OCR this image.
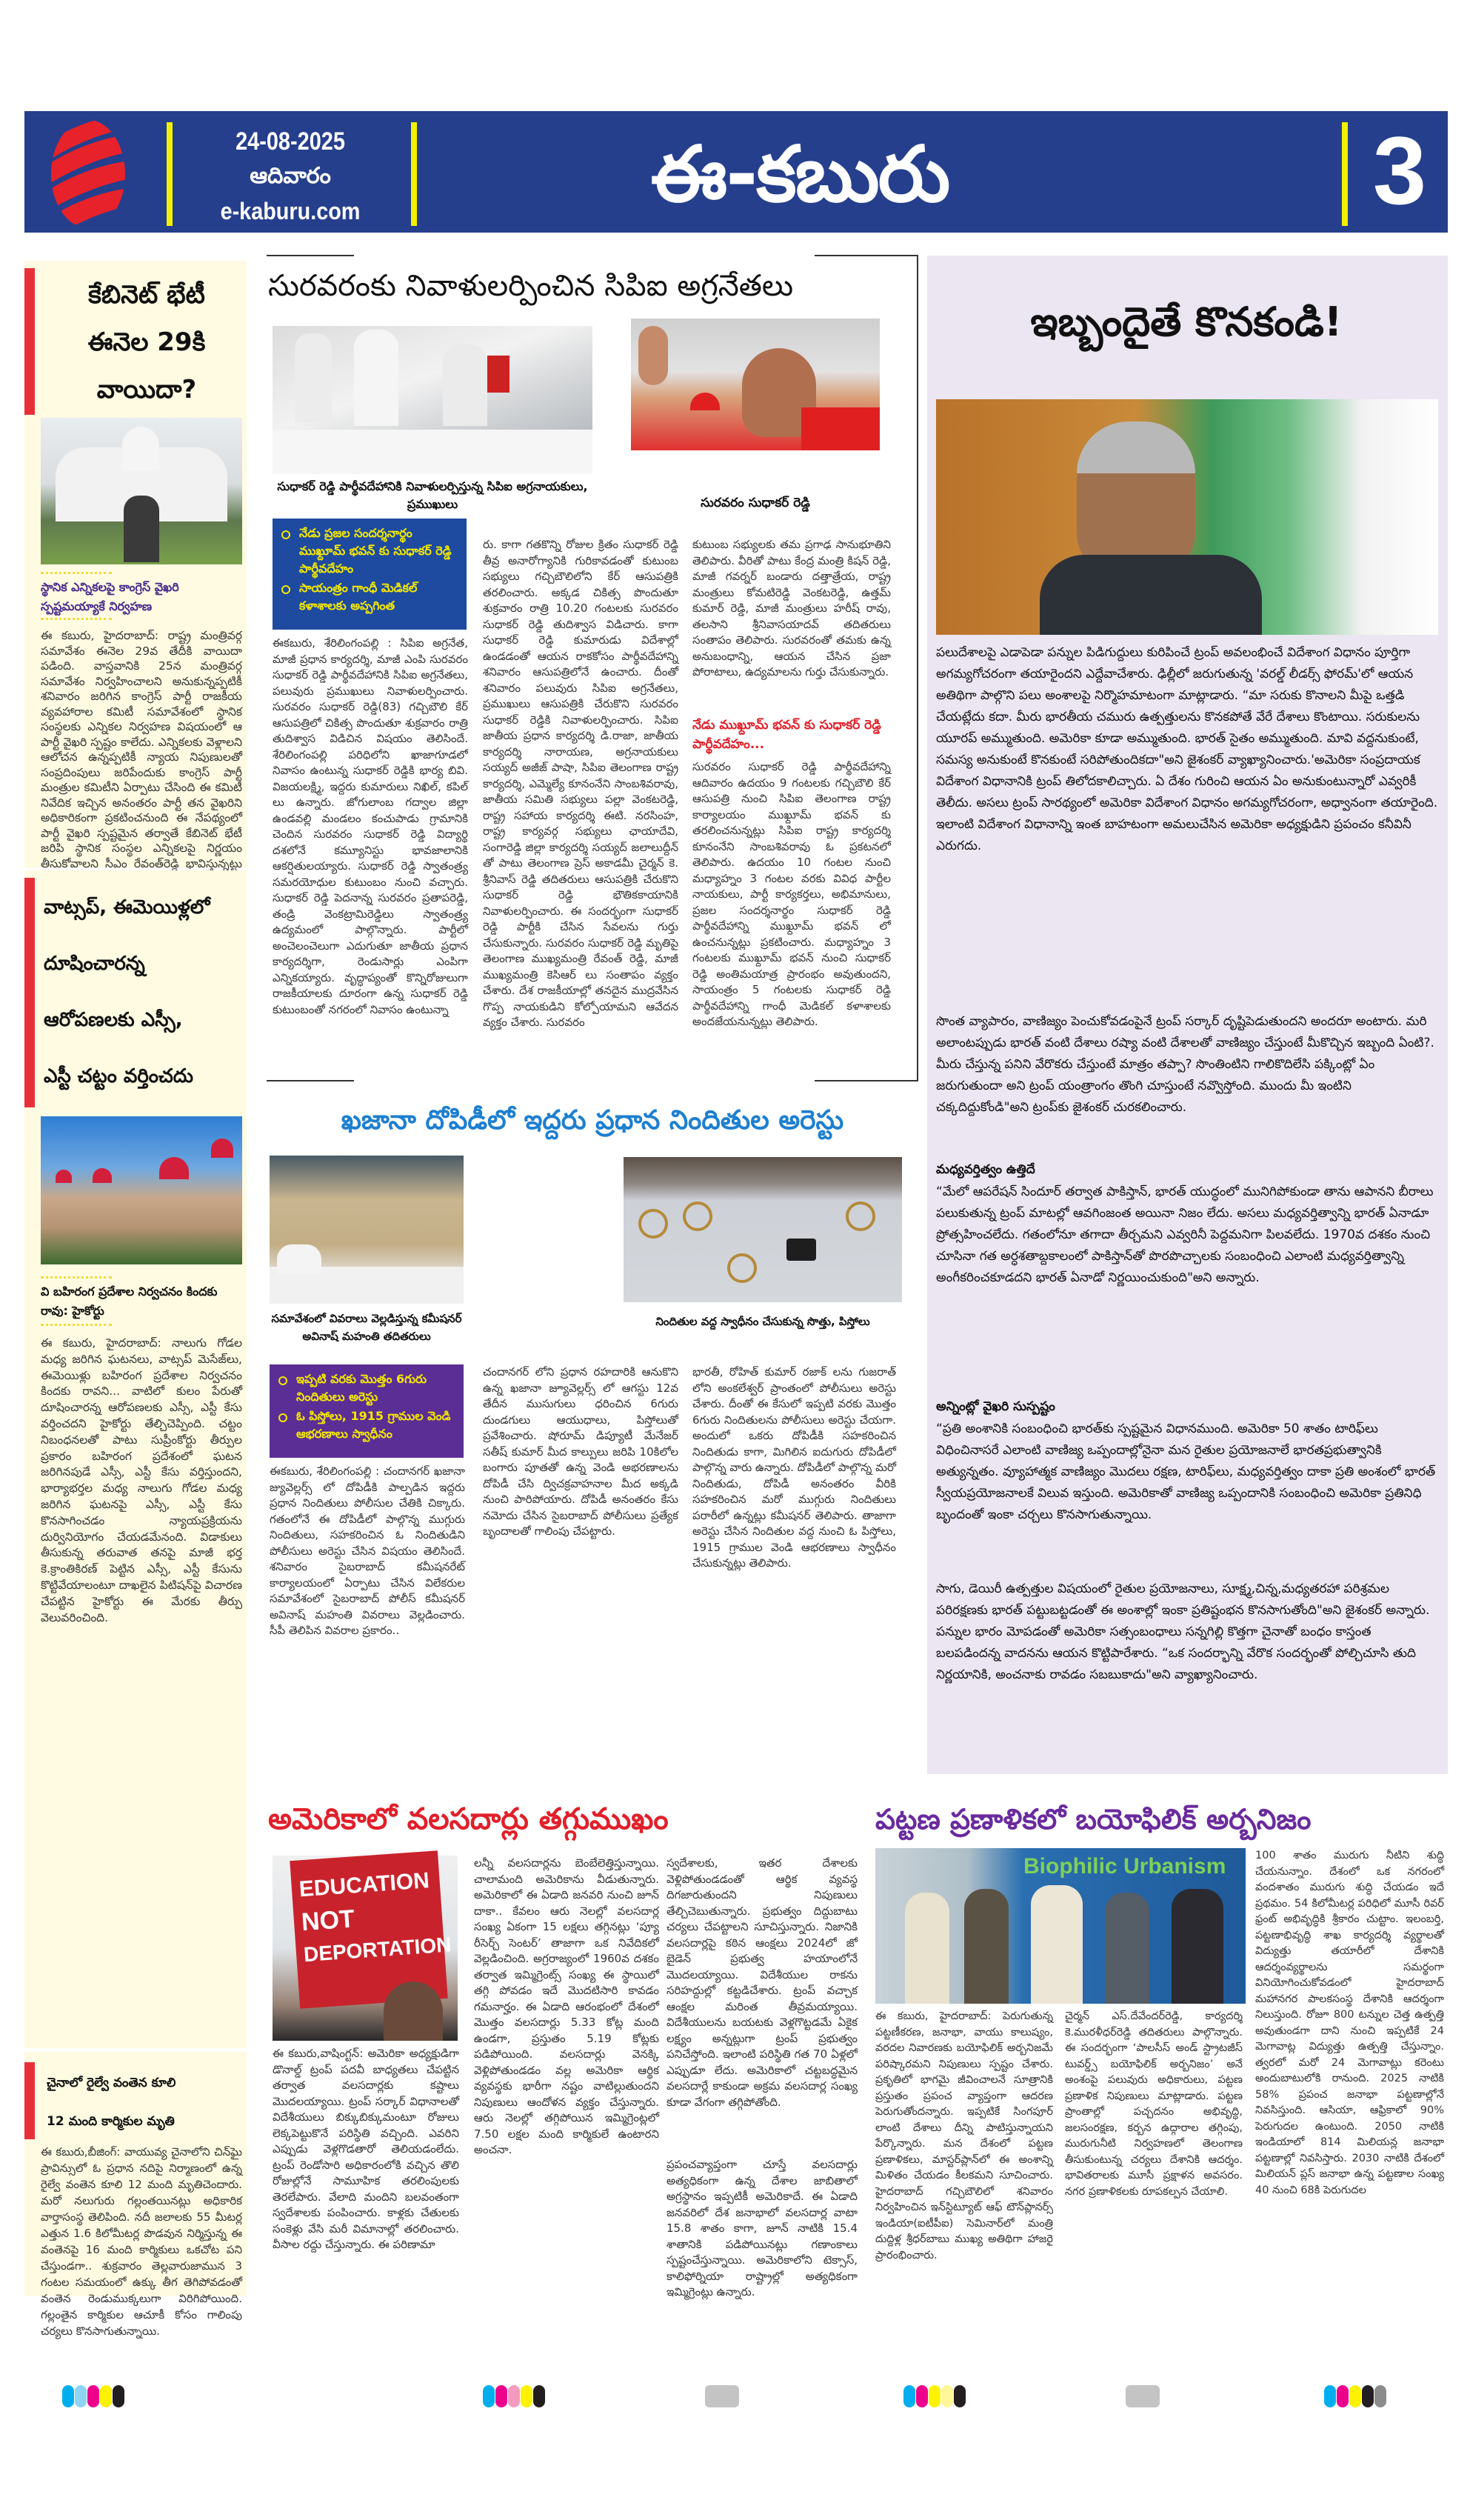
24-08-2025
ఆదివారం
e-kaburu.com	ఈ-కబురు	3
కేబినెట్ భేటీ
ఈనెల 29కి
వాయిదా?
స్థానిక ఎన్నికలపై కాంగ్రెస్ వైఖరి స్పష్టమయ్యాకే నిర్వహణ
ఈ కబురు, హైదరాబాద్: రాష్ట్ర మంత్రివర్గ సమావేశం ఈనెల 29వ తేదీకి వాయిదా పడింది. వాస్తవానికి 25న మంత్రివర్గ సమావేశం నిర్వహించాలని అనుకున్నప్పటికీ శనివారం జరిగిన కాంగ్రెస్ పార్టీ రాజకీయ వ్యవహారాల కమిటీ సమావేశంలో స్థానిక సంస్థలకు ఎన్నికల నిర్వహణ విషయంలో ఆ పార్టీ వైఖరి స్పష్టం కాలేదు. ఎన్నికలకు వెళ్లాలని ఆలోచన ఉన్నప్పటికీ న్యాయ నిపుణులతో సంప్రదింపులు జరిపేందుకు కాంగ్రెస్ పార్టీ మంత్రుల కమిటీని ఏర్పాటు చేసింది ఈ కమిటీ నివేదిక ఇచ్చిన అనంతరం పార్టీ తన వైఖరిని అధికారికంగా ప్రకటించనుంది ఈ నేపథ్యంలో పార్టీ వైఖరి స్పష్టమైన తర్వాతే కేబినెట్ భేటీ జరిపి స్థానిక సంస్థల ఎన్నికలపై నిర్ణయం తీసుకోవాలని సీఎం రేవంత్‌రెడ్డి భావిస్తున్నట్టు
వాట్సప్, ఈమెయిళ్లలో
దూషించారన్న
ఆరోపణలకు ఎస్సీ,
ఎస్టీ చట్టం వర్తించదు
వి బహిరంగ ప్రదేశాల నిర్వచనం కిందకు రావు: హైకోర్టు
ఈ కబురు, హైదరాబాద్: నాలుగు గోడల మధ్య జరిగిన ఘటనలు, వాట్సప్ మెసేజ్‌లు, ఈమెయిళ్లు బహిరంగ ప్రదేశాల నిర్వచనం కిందకు రావని... వాటిలో కులం పేరుతో దూషించారన్న ఆరోపణలకు ఎస్సీ, ఎస్టీ కేసు వర్తించదని హైకోర్టు తేల్చిచెప్పింది. చట్టం నిబంధనలతో పాటు సుప్రీంకోర్టు తీర్పుల ప్రకారం బహిరంగ ప్రదేశంలో ఘటన జరిగినపుడే ఎస్సీ, ఎస్టీ కేసు వర్తిస్తుందని, భార్యాభర్తల మధ్య నాలుగు గోడల మధ్య జరిగిన ఘటనపై ఎస్సీ, ఎస్టీ కేసు కొనసాగించడం న్యాయప్రక్రియను దుర్వినియోగం చేయడమేనంది. విడాకులు తీసుకున్న తరువాత తనపై మాజీ భర్త కె.క్రాంతికిరణ్ పెట్టిన ఎస్సీ, ఎస్టీ కేసును కొట్టివేయాలంటూ దాఖలైన పిటిషన్‌పై విచారణ చేపట్టిన హైకోర్టు ఈ మేరకు తీర్పు వెలువరించింది.
చైనాలో రైల్వే వంతెన కూలి
12 మంది కార్మికుల మృతి
ఈ కబురు,బీజింగ్: వాయువ్య చైనాలోని చిన్‌ఘై ప్రావిన్సులో ఓ ప్రధాన నదిపై నిర్మాణంలో ఉన్న రైల్వే వంతెన కూలి 12 మంది మృతిచెందారు. మరో నలుగురు గల్లంతయినట్లు అధికారిక వార్తాసంస్థ తెలిపింది. నదీ జలాలకు 55 మీటర్ల ఎత్తున 1.6 కిలోమీటర్ల పొడవున నిర్మిస్తున్న ఈ వంతెనపై 16 మంది కార్మికులు ఒకచోట పని చేస్తుండగా.. శుక్రవారం తెల్లవారుజామున 3 గంటల సమయంలో ఉక్కు తీగ తెగిపోవడంతో వంతెన రెండుముక్కలుగా విరిగిపోయింది. గల్లంతైన కార్మికుల ఆచూకీ కోసం గాలింపు చర్యలు కొనసాగుతున్నాయి.
సురవరంకు నివాళులర్పించిన సిపిఐ అగ్రనేతలు
సుధాకర్ రెడ్డి పార్థీవదేహానికి నివాళులర్పిస్తున్న సిపిఐ అగ్రనాయకులు, ప్రముఖులు	సురవరం సుధాకర్ రెడ్డి
నేడు ప్రజల సందర్శనార్థం ముఖ్దూమ్ భవన్ కు సుధాకర్ రెడ్డి పార్థీవదేహం
సాయంత్రం గాంధీ మెడికల్ కళాశాలకు అప్పగింత
ఈకబురు, శేరిలింగంపల్లి : సిపిఐ అగ్రనేత, మాజీ ప్రధాన కార్యదర్శి, మాజీ ఎంపి సురవరం సుధాకర్ రెడ్డి పార్థీవదేహానికి సిపిఐ అగ్రనేతలు, పలువురు ప్రముఖులు నివాళులర్పించారు. సురవరం సుధాకర్ రెడ్డి(83) గచ్చిబౌలి కేర్ ఆసుపత్రిలో చికిత్స పొందుతూ శుక్రవారం రాత్రి తుదిశ్వాస విడిచిన విషయం తెలిసిందే. శేరిలింగంపల్లి పరిధిలోని ఖాజాగూడలో నివాసం ఉంటున్న సుధాకర్ రెడ్డికి భార్య బివి. విజయలక్ష్మి, ఇద్దరు కుమారులు నిఖిల్, కపిల్ లు ఉన్నారు. జోగులాంబ గద్వాల జిల్లా ఉండవల్లి మండలం కంచుపాడు గ్రామానికి చెందిన సురవరం సుధాకర్ రెడ్డి విద్యార్థి దశలోనే కమ్యూనిస్టు భావజాలానికి ఆకర్షితులయ్యారు. సుధాకర్ రెడ్డి స్వాతంత్ర్య సమరయోధుల కుటుంబం నుంచి వచ్చారు. సుధాకర్ రెడ్డి పెదనాన్న సురవరం ప్రతాపరెడ్డి, తండ్రి వెంకట్రామిరెడ్డిలు స్వాతంత్ర్య ఉద్యమంలో పాల్గొన్నారు. పార్టీలో అంచెలంచెలుగా ఎదుగుతూ జాతీయ ప్రధాన కార్యదర్శిగా, రెండుసార్లు ఎంపిగా ఎన్నికయ్యారు. వృద్ధాప్యంతో కొన్నిరోజులుగా రాజకీయాలకు దూరంగా ఉన్న సుధాకర్ రెడ్డి కుటుంబంతో నగరంలో నివాసం ఉంటున్నా
రు. కాగా గతకొన్ని రోజుల క్రితం సుధాకర్ రెడ్డి తీవ్ర అనారోగ్యానికి గురికావడంతో కుటుంబ సభ్యులు గచ్చిబౌలిలోని కేర్ ఆసుపత్రికి తరలించారు. అక్కడ చికిత్స పొందుతూ శుక్రవారం రాత్రి 10.20 గంటలకు సురవరం సుధాకర్ రెడ్డి తుదిశ్వాస విడిచారు. కాగా సుధాకర్ రెడ్డి కుమారుడు విదేశాల్లో ఉండడంతో ఆయన రాకకోసం పార్థీవదేహాన్ని శనివారం ఆసుపత్రిలోనే ఉంచారు. దీంతో శనివారం పలువురు సిపిఐ అగ్రనేతలు, ప్రముఖులు ఆసుపత్రికి చేరుకొని సురవరం సుధాకర్ రెడ్డికి నివాళులర్పించారు. సిపిఐ జాతీయ ప్రధాన కార్యదర్శి డి.రాజా, జాతీయ కార్యదర్శి నారాయణ, అగ్రనాయకులు సయ్యద్ అజీజ్ పాషా, సిపిఐ తెలంగాణ రాష్ట్ర కార్యదర్శి, ఎమ్మెల్యే కూనంనేని సాంబశివరావు, జాతీయ సమితి సభ్యులు పల్లా వెంకటరెడ్డి, రాష్ట్ర సహాయ కార్యదర్శి ఈటి. నరసింహ, రాష్ట్ర కార్యవర్గ సభ్యులు ఛాయాదేవి, సంగారెడ్డి జిల్లా కార్యదర్శి సయ్యద్ జలాలుద్దీన్ తో పాటు తెలంగాణ ప్రెస్ అకాడమీ చైర్మన్ కె. శ్రీనివాస్ రెడ్డి తదితరులు ఆసుపత్రికి చేరుకొని సుధాకర్ రెడ్డి భౌతికకాయానికి నివాళులర్పించారు. ఈ సందర్భంగా సుధాకర్ రెడ్డి పార్టీకి చేసిన సేవలను గుర్తు చేసుకున్నారు. సురవరం సుధాకర్ రెడ్డి మృతిపై తెలంగాణ ముఖ్యమంత్రి రేవంత్ రెడ్డి, మాజీ ముఖ్యమంత్రి కెసిఆర్ లు సంతాపం వ్యక్తం చేశారు. దేశ రాజకీయాల్లో తనదైన ముద్రవేసిన గొప్ప నాయకుడిని కోల్పోయామని ఆవేదన వ్యక్తం చేశారు. సురవరం
కుటుంబ సభ్యులకు తమ ప్రగాఢ సానుభూతిని తెలిపారు. వీరితో పాటు కేంద్ర మంత్రి కిషన్ రెడ్డి, మాజీ గవర్నర్ బండారు దత్తాత్రేయ, రాష్ట్ర మంత్రులు కోమటిరెడ్డి వెంకటరెడ్డి, ఉత్తమ్ కుమార్ రెడ్డి, మాజీ మంత్రులు హరీష్ రావు, తలసాని శ్రీనివాసయాదవ్ తదితరులు సంతాపం తెలిపారు. సురవరంతో తమకు ఉన్న అనుబంధాన్ని, ఆయన చేసిన ప్రజా పోరాటాలు, ఉద్యమాలను గుర్తు చేసుకున్నారు.
నేడు ముఖ్దూమ్ భవన్ కు సుధాకర్ రెడ్డి పార్థీవదేహం...
సురవరం సుధాకర్ రెడ్డి పార్థీవదేహాన్ని ఆదివారం ఉదయం 9 గంటలకు గచ్చిబౌలి కేర్ ఆసుపత్రి నుంచి సిపిఐ తెలంగాణ రాష్ట్ర కార్యాలయం ముఖ్దూమ్ భవన్ కు తరలించనున్నట్లు సిపిఐ రాష్ట్ర కార్యదర్శి కూనంనేని సాంబశివరావు ఓ ప్రకటనలో తెలిపారు. ఉదయం 10 గంటల నుంచి మధ్యాహ్నం 3 గంటల వరకు వివిధ పార్టీల నాయకులు, పార్టీ కార్యకర్తలు, అభిమానులు, ప్రజల సందర్శనార్థం సుధాకర్ రెడ్డి పార్థీవదేహాన్ని ముఖ్దూమ్ భవన్ లో ఉంచనున్నట్లు ప్రకటించారు. మధ్యాహ్నం 3 గంటలకు ముఖ్దూమ్ భవన్ నుంచి సుధాకర్ రెడ్డి అంతిమయాత్ర ప్రారంభం అవుతుందని, సాయంత్రం 5 గంటలకు సుధాకర్ రెడ్డి పార్థీవదేహాన్ని గాంధీ మెడికల్ కళాశాలకు అందజేయనున్నట్లు తెలిపారు.
ఖజానా దోపిడీలో ఇద్దరు ప్రధాన నిందితుల అరెస్టు
సమావేశంలో వివరాలు వెల్లడిస్తున్న కమీషనర్ అవినాష్ మహంతి తదితరులు
నిందితుల వద్ద స్వాధీనం చేసుకున్న సొత్తు, పిస్తోలు
ఇప్పటి వరకు మొత్తం 6గురు నిందితులు అరెస్టు
ఓ పిస్తోలు, 1915 గ్రాముల వెండి ఆభరణాలు స్వాధీనం
ఈకబురు, శేరిలింగంపల్లి : చందానగర్ ఖజానా జ్యువెల్లర్స్ లో దోపిడీకి పాల్పడిన ఇద్దరు ప్రధాన నిందితులు పోలీసుల చేతికి చిక్కారు. గతంలోనే ఈ దోపిడీలో పాల్గొన్న ముగ్గురు నిందితులు, సహకరించిన ఓ నిందితుడిని పోలీసులు అరెస్టు చేసిన విషయం తెలిసిందే. శనివారం సైబరాబాద్ కమీషనరేట్ కార్యాలయంలో ఏర్పాటు చేసిన విలేకరుల సమావేశంలో సైబరాబాద్ పోలీస్ కమీషనర్ అవినాష్ మహంతి వివరాలు వెల్లడించారు. సీపీ తెలిపిన వివరాల ప్రకారం..
చందానగర్ లోని ప్రధాన రహదారికి ఆనుకొని ఉన్న ఖజానా జ్యూవెల్లర్స్ లో ఆగస్టు 12వ తేదీన ముసుగులు ధరించిన 6గురు దుండగులు ఆయుధాలు, పిస్తోలుతో ప్రవేశించారు. షోరూమ్ డిప్యూటీ మేనేజర్ సతీష్ కుమార్ మీద కాల్పులు జరిపి 10కిలోల బంగారు పూతతో ఉన్న వెండి అభరణాలను దోపిడీ చేసి ద్విచక్రవాహనాల మీద అక్కడి నుంచి పారిపోయారు. దోపిడీ అనంతరం కేసు నమోదు చేసిన సైబరాబాద్ పోలీసులు ప్రత్యేక బృందాలతో గాలింపు చేపట్టారు.
భారతీ, రోహిత్ కుమార్ రజాక్ లను గుజరాత్ లోని అంకలేశ్వర్ ప్రాంతంలో పోలీసులు అరెస్టు చేశారు. దీంతో ఈ కేసులో ఇప్పటి వరకు మొత్తం 6గురు నిందితులను పోలీసులు అరెస్టు చేయగా. అందులో ఒకరు దోపిడీకి సహకరించిన నిందితుడు కాగా, మిగిలిన ఐదుగురు దోపిడీలో పాల్గొన్న వారు ఉన్నారు. దోపిడీలో పాల్గొన్న మరో నిందితుడు, దోపిడీ అనంతరం వీరికి సహకరించిన మరో ముగ్గురు నిందితులు పరారీలో ఉన్నట్లు కమీషనర్ తెలిపారు. తాజాగా అరెస్టు చేసిన నిందితుల వద్ద నుంచి ఓ పిస్తోలు, 1915 గ్రాముల వెండి ఆభరణాలు స్వాధీనం చేసుకున్నట్లు తెలిపారు.
ఇబ్బందైతే కొనకండి!
పలుదేశాలపై ఎడాపెడా పన్నుల పిడిగుద్దులు కురిపించే ట్రంప్ అవలంభించే విదేశాంగ విధానం పూర్తిగా అగమ్యగోచరంగా తయారైందని ఎద్దేవాచేశారు. ఢిల్లీలో జరుగుతున్న 'వరల్డ్ లీడర్స్ ఫోరమ్'లో ఆయన అతిథిగా పాల్గొని పలు అంశాలపై నిర్మొహమాటంగా మాట్లాడారు. “మా సరుకు కొనాలని మీపై ఒత్తడి చేయట్లేదు కదా. మీరు భారతీయ చమురు ఉత్పత్తులను కొనకపోతే వేరే దేశాలు కొంటాయి. సరుకులను యూరప్ అమ్ముతుంది. అమెరికా కూడా అమ్ముతుంది. భారత్ సైతం అమ్ముతుంది. మావి వద్దనుకుంటే, సమస్య అనుకుంటే కొనకుంటే సరిపోతుందికదా"అని జైశంకర్ వ్యాఖ్యానించారు.'అమెరికా సంప్రదాయక విదేశాంగ విధానానికి ట్రంప్ తిలోదకాలిచ్చారు. ఏ దేశం గురించి ఆయన ఏం అనుకుంటున్నారో ఎవ్వరికీ తెలీదు. అసలు ట్రంప్ సారథ్యంలో అమెరికా విదేశాంగ విధానం అగమ్యగోచరంగా, అధ్వానంగా తయారైంది. ఇలాంటి విదేశాంగ విధానాన్ని ఇంత బాహటంగా అమలుచేసిన అమెరికా అధ్యక్షుడిని ప్రపంచం కనీవినీ ఎరుగదు.
సొంత వ్యాపారం, వాణిజ్యం పెంచుకోవడంపైనే ట్రంప్ సర్కార్ దృష్టిపెడుతుందని అందరూ అంటారు. మరి అలాంటప్పుడు భారత్ వంటి దేశాలు రష్యా వంటి దేశాలతో వాణిజ్యం చేస్తుంటే మీకొచ్చిన ఇబ్బంది ఏంటి?. మీరు చేస్తున్న పనిని వేరొకరు చేస్తుంటే మాత్రం తప్పా? సొంతింటిని గాలికొదిలేసి పక్కింట్లో ఏం జరుగుతుందా అని ట్రంప్ యంత్రాంగం తొంగి చూస్తుంటే నవ్వొస్తోంది. ముందు మీ ఇంటిని చక్కదిద్దుకోండి"అని ట్రంప్‌కు జైశంకర్ చురకలించారు.
మధ్యవర్తిత్వం ఉత్తిదే
“మేలో ఆపరేషన్ సిందూర్ తర్వాత పాకిస్తాన్, భారత్ యుద్ధంలో మునిగిపోకుండా తాను ఆపానని బీరాలు పలుకుతున్న ట్రంప్ మాటల్లో ఆవగింజంత అయినా నిజం లేదు. అసలు మధ్యవర్తిత్వాన్ని భారత్ ఏనాడూ ప్రోత్సహించలేదు. గతంలోనూ తగాదా తీర్చమని ఎవ్వరినీ పెద్దమనిగా పిలవలేదు. 1970వ దశకం నుంచి చూసినా గత అర్ధశతాబ్దకాలంలో పాకిస్తాన్‌తో పొరపొచ్చాలకు సంబంధించి ఎలాంటి మధ్యవర్తిత్వాన్ని అంగీకరించకూడదని భారత్ ఏనాడో నిర్ణయించుకుంది"అని అన్నారు.
అన్నింట్లో వైఖరి సుస్పష్టం
“ప్రతి అంశానికి సంబంధించి భారత్‌కు స్పష్టమైన విధానముంది. అమెరికా 50 శాతం టారిఫ్‌లు విధించినాసరే ఎలాంటి వాణిజ్య ఒప్పందాల్లోనైనా మన రైతుల ప్రయోజనాలే భారతప్రభుత్వానికి అత్యున్నతం. వ్యూహాత్మక వాణిజ్యం మొదలు రక్షణ, టారిఫ్‌లు, మధ్యవర్తిత్వం దాకా ప్రతి అంశంలో భారత్ స్వీయప్రయోజనాలకే విలువ ఇస్తుంది. అమెరికాతో వాణిజ్య ఒప్పందానికి సంబంధించి అమెరికా ప్రతినిధి బృందంతో ఇంకా చర్చలు కొనసాగుతున్నాయి.
సాగు, డెయిరీ ఉత్పత్తుల విషయంలో రైతుల ప్రయోజనాలు, సూక్ష్మ,చిన్న,మధ్యతరహా పరిశ్రమల పరిరక్షణకు భారత్ పట్టుబట్టడంతో ఈ అంశాల్లో ఇంకా ప్రతిష్టంభన కొనసాగుతోంది"అని జైశంకర్ అన్నారు. పన్నుల భారం మోపడంతో అమెరికా సత్సంబంధాలు సన్నగిల్లి కొత్తగా చైనాతో బంధం కాస్తంత బలపడిందన్న వాదనను ఆయన కొట్టిపారేశారు. “ఒక సందర్భాన్ని వేరొక సందర్భంతో పోల్చిచూసి తుది నిర్ణయానికి, అంచనాకు రావడం సబబుకాదు"అని వ్యాఖ్యానించారు.
అమెరికాలో వలసదార్లు తగ్గుముఖం
EDUCATION
NOT
DEPORTATION
ఈ కబురు,వాషింగ్టన్: అమెరికా అధ్యక్షుడిగా డొనాల్డ్ ట్రంప్ పదవీ బాధ్యతలు చేపట్టిన తర్వాత వలసదార్లకు కష్టాలు మొదలయ్యాయి. ట్రంప్ సర్కార్ విధానాలతో విదేశీయులు బిక్కుబిక్కుమంటూ రోజులు లెక్కపెట్టుకొనే పరిస్థితి వచ్చింది. ఎవరిని ఎప్పుడు వెళ్లగొడతారో తెలియడంలేదు. ట్రంప్ రెండోసారి అధికారంలోకి వచ్చిన తొలి రోజుల్లోనే సామూహిక తరలింపులకు తెరలేపారు. వేలాది మందిని బలవంతంగా స్వదేశాలకు పంపించారు. కాళ్లకు చేతులకు సంకెళ్లు వేసి మరీ విమానాల్లో తరలించారు. వీసాల రద్దు చేస్తున్నారు. ఈ పరిణామా
లన్నీ వలసదార్లను బెంబేలెత్తిస్తున్నాయి. చాలామంది అమెరికాను వీడుతున్నారు. అమెరికాలో ఈ ఏడాది జనవరి నుంచి జూన్ దాకా.. కేవలం ఆరు నెలల్లో వలసదార్ల సంఖ్య ఏకంగా 15 లక్షలు తగ్గినట్లు ‘ప్యూ రీసెర్చ్ సెంటర్’ తాజాగా ఒక నివేదికలో వెల్లడించింది. అగ్రరాజ్యంలో 1960వ దశకం తర్వాత ఇమ్మిగ్రెంట్స్ సంఖ్య ఈ స్థాయిలో తగ్గి పోవడం ఇదే మొదటిసారి కావడం గమనార్హం. ఈ ఏడాది ఆరంభంలో దేశంలో మొత్తం వలసదార్లు 5.33 కోట్ల మంది ఉండగా, ప్రస్తుతం 5.19 కోట్లకు పడిపోయింది. వలసదార్లు వెనక్కి వెళ్లిపోతుండడం వల్ల అమెరికా ఆర్థిక వ్యవస్థకు భారీగా నష్టం వాటిల్లుతుందని నిపుణులు ఆందోళన వ్యక్తం చేస్తున్నారు. ఆరు నెలల్లో తగ్గిపోయిన ఇమ్మిగ్రెంట్లలో 7.50 లక్షల మంది కార్మికులే ఉంటారని అంచనా.
స్వదేశాలకు, ఇతర దేశాలకు వెళ్లిపోతుండడంతో ఆర్థిక వ్యవస్థ దిగజారుతుందని నిపుణులు తేల్చిచెబుతున్నారు. ప్రభుత్వం దిద్దుబాటు చర్యలు చేపట్టాలని సూచిస్తున్నారు. నిజానికి వలసదార్లపై కఠిన ఆంక్షలు 2024లో జో బైడెన్ ప్రభుత్వ హయాంలోనే మొదలయ్యాయి. విదేశీయుల రాకను సరిహద్దుల్లో కట్టడిచేశారు. ట్రంప్ వచ్చాక ఆంక్షల మరింత తీవ్రమయ్యాయి. విదేశీయులను బయటకు వెళ్లగొట్టడమే ఏకైక లక్ష్యం అన్నట్లుగా ట్రంప్ ప్రభుత్వం పనిచేస్తోంది. ఇలాంటి పరిస్థితి గత 70 ఏళ్లలో ఎప్పుడూ లేదు. అమెరికాలో చట్టబద్ధమైన వలసదార్లే కాకుండా అక్రమ వలసదార్ల సంఖ్య కూడా వేగంగా తగ్గిపోతోంది.
ప్రపంచవ్యాప్తంగా చూస్తే వలసదార్లు అత్యధికంగా ఉన్న దేశాల జాబితాలో అగ్రస్థానం ఇప్పటికీ అమెరికాదే. ఈ ఏడాది జనవరిలో దేశ జనాభాలో వలసదార్ల వాటా 15.8 శాతం కాగా, జూన్ నాటికి 15.4 శాతానికి పడిపోయినట్లు గణాంకాలు స్పష్టంచేస్తున్నాయి. అమెరికాలోని టెక్సాస్, కాలిఫోర్నియా రాష్ట్రాల్లో అత్యధికంగా ఇమ్మిగ్రెంట్లు ఉన్నారు.
పట్టణ ప్రణాళికలో బయోఫిలిక్ అర్బనిజం
Biophilic Urbanism
ఈ కబురు, హైదరాబాద్: పెరుగుతున్న పట్టణీకరణ, జనాభా, వాయు కాలుష్యం, వరదల నివారణకు బయోఫిలిక్ అర్బనిజమే పరిష్కారమని నిపుణులు స్పష్టం చేశారు. ప్రకృతిలో భాగమై జీవించాలనే సూత్రానికి ప్రస్తుతం ప్రపంచ వ్యాప్తంగా ఆదరణ పెరుగుతోందన్నారు. ఇప్పటికే సింగపూర్ లాంటి దేశాలు దీన్ని పాటిస్తున్నాయని పేర్కొన్నారు. మన దేశంలో పట్టణ ప్రణాళికలు, మాస్టర్‌ప్లాన్‌లో ఈ అంశాన్ని మిళితం చేయడం కీలకమని సూచించారు. హైదరాబాద్ గచ్చిబౌలిలో శనివారం నిర్వహించిన ఇన్‌స్టిట్యూట్ ఆఫ్ టౌన్‌ప్లానర్స్ ఇండియా(ఐటీపీఐ) సెమినార్‌లో మంత్రి దుద్దిళ్ల శ్రీధర్‌బాబు ముఖ్య అతిథిగా హాజరై ప్రారంభించారు.
చైర్మన్ ఎస్.దేవేందర్‌రెడ్డి, కార్యదర్శి కె.మురళీధర్‌రెడ్డి తదితరులు పాల్గొన్నారు. ఈ సందర్భంగా ‘పాలసీస్ అండ్ స్ట్రాటజీస్ టువర్డ్స్ బయోఫిలిక్ అర్బనిజం’ అనే అంశంపై పలువురు అధికారులు, పట్టణ ప్రణాళిక నిపుణులు మాట్లాడారు. పట్టణ ప్రాంతాల్లో పచ్చదనం అభివృద్ధి, జలసంరక్షణ, కర్బన ఉద్గారాల తగ్గింపు, మురుగునీటి నిర్వహణలో తెలంగాణ తీసుకుంటున్న చర్యలు దేశానికి ఆదర్శం. భావితరాలకు మూసీ ప్రక్షాళన అవసరం. నగర ప్రణాళికలకు రూపకల్పన చేయాలి.
100 శాతం మురుగు నీటిని శుద్ధి చేయనున్నాం. దేశంలో ఒక నగరంలో వందశాతం మురుగు శుద్ధి చేయడం ఇదే ప్రథమం. 54 కిలోమీటర్ల పరిధిలో మూసీ రివర్ ఫ్రంట్ అభివృద్ధికి శ్రీకారం చుట్టాం. ఇలంబర్తి, పట్టణాభివృద్ధి శాఖ కార్యదర్శి వ్యర్థాలతో విద్యుత్తు తయారీలో దేశానికి ఆదర్శంవ్యర్థాలను సమర్థంగా వినియోగించుకోవడంలో హైదరాబాద్ మహానగర పాలకసంస్థ దేశానికి ఆదర్శంగా నిలుస్తుంది. రోజూ 800 టన్నుల చెత్త ఉత్పత్తి అవుతుండగా దాని నుంచి ఇప్పటికే 24 మెగావాట్ల విద్యుత్తు ఉత్పత్తి చేస్తున్నాం. త్వరలో మరో 24 మెగావాట్లు కరెంటు అందుబాటులోకి రానుంది. 2025 నాటికి 58% ప్రపంచ జనాభా పట్టణాల్లోనే నివసిస్తుంది. ఆసియా, ఆఫ్రికాలో 90% పెరుగుదల ఉంటుంది. 2050 నాటికి ఇండియాలో 814 మిలియన్ల జనాభా పట్టణాల్లో నివసిస్తారు. 2030 నాటికి దేశంలో మిలియన్ ప్లస్ జనాభా ఉన్న పట్టణాల సంఖ్య 40 నుంచి 68కి పెరుగుదల
